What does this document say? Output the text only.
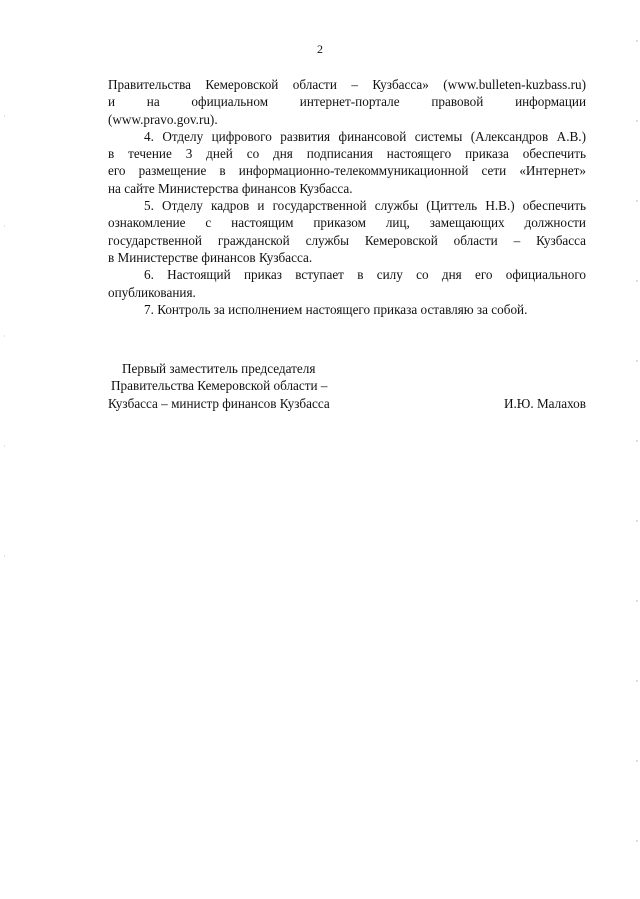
2
Правительства Кемеровской области – Кузбасса» (www.bulleten-kuzbass.ru)
и на официальном интернет-портале правовой информации
(www.pravo.gov.ru).
4. Отделу цифрового развития финансовой системы (Александров А.В.)
в течение 3 дней со дня подписания настоящего приказа обеспечить
его размещение в информационно-телекоммуникационной сети «Интернет»
на сайте Министерства финансов Кузбасса.
5. Отделу кадров и государственной службы (Циттель Н.В.) обеспечить
ознакомление с настоящим приказом лиц, замещающих должности
государственной гражданской службы Кемеровской области – Кузбасса
в Министерстве финансов Кузбасса.
6. Настоящий приказ вступает в силу со дня его официального
опубликования.
7. Контроль за исполнением настоящего приказа оставляю за собой.
Первый заместитель председателя
Правительства Кемеровской области –
Кузбасса – министр финансов Кузбасса	И.Ю. Малахов
